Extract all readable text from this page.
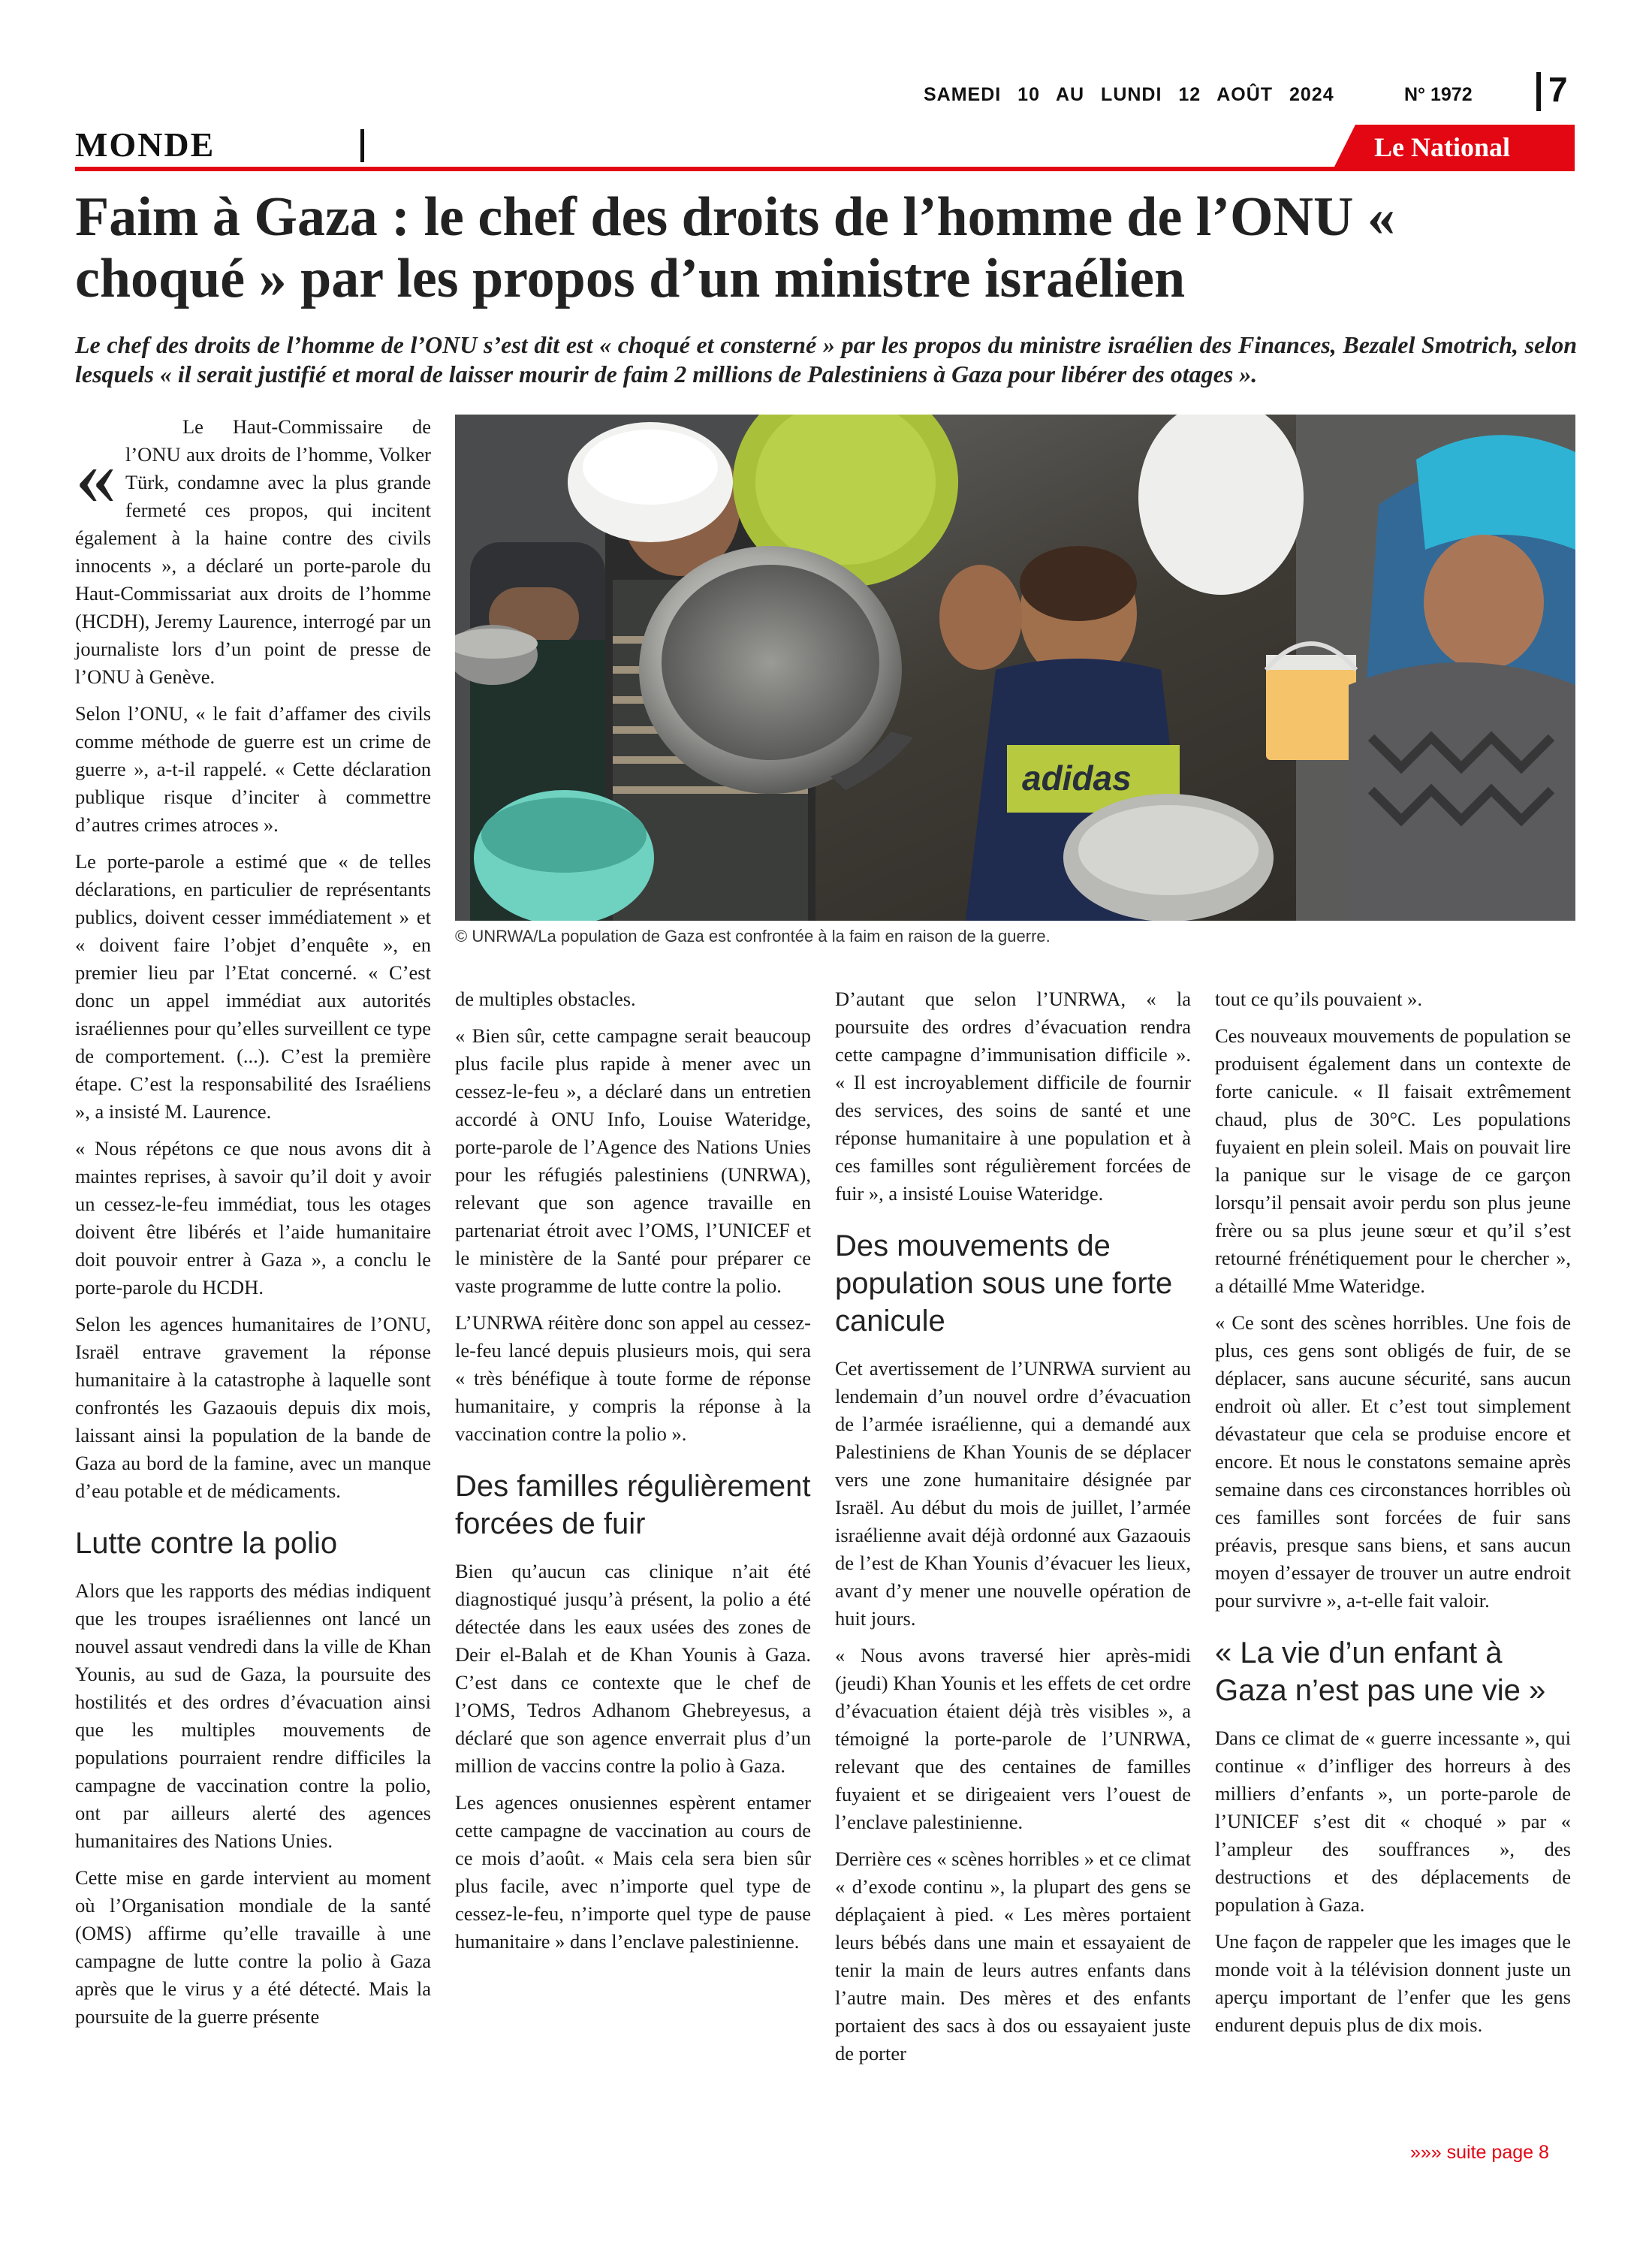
SAMEDI 10 AU LUNDI 12 AOÛT 2024	N° 1972 7
MONDE	Le National
Faim à Gaza : le chef des droits de l’homme de l’ONU « choqué » par les propos d’un ministre israélien

Le chef des droits de l’homme de l’ONU s’est dit est « choqué et consterné » par les propos du ministre israélien des Finances, Bezalel Smotrich, selon lesquels « il serait justifié et moral de laisser mourir de faim 2 millions de Palestiniens à Gaza pour libérer des otages ».

«
Le Haut-Commissaire de l’ONU aux droits de l’homme, Volker Türk, condamne avec la plus grande fermeté ces propos, qui incitent également à la haine contre des civils innocents », a déclaré un porte-parole du Haut-Commissariat aux droits de l’homme (HCDH), Jeremy Laurence, interrogé par un journaliste lors d’un point de presse de l’ONU à Genève.

Selon l’ONU, « le fait d’affamer des civils comme méthode de guerre est un crime de guerre », a-t-il rappelé. « Cette déclaration publique risque d’inciter à commettre d’autres crimes atroces ».

Le porte-parole a estimé que « de telles déclarations, en particulier de représentants publics, doivent cesser immédiatement » et « doivent faire l’objet d’enquête », en premier lieu par l’Etat concerné. « C’est donc un appel immédiat aux autorités israéliennes pour qu’elles surveillent ce type de comportement. (...). C’est la première étape. C’est la responsabilité des Israéliens », a insisté M. Laurence.

« Nous répétons ce que nous avons dit à maintes reprises, à savoir qu’il doit y avoir un cessez-le-feu immédiat, tous les otages doivent être libérés et l’aide humanitaire doit pouvoir entrer à Gaza », a conclu le porte-parole du HCDH.

Selon les agences humanitaires de l’ONU, Israël entrave gravement la réponse humanitaire à la catastrophe à laquelle sont confrontés les Gazaouis depuis dix mois, laissant ainsi la population de la bande de Gaza au bord de la famine, avec un manque d’eau potable et de médicaments.

Lutte contre la polio

Alors que les rapports des médias indiquent que les troupes israéliennes ont lancé un nouvel assaut vendredi dans la ville de Khan Younis, au sud de Gaza, la poursuite des hostilités et des ordres d’évacuation ainsi que les multiples mouvements de populations pourraient rendre difficiles la campagne de vaccination contre la polio, ont par ailleurs alerté des agences humanitaires des Nations Unies.

Cette mise en garde intervient au moment où l’Organisation mondiale de la santé (OMS) affirme qu’elle travaille à une campagne de lutte contre la polio à Gaza après que le virus y a été détecté. Mais la poursuite de la guerre présente

adidas
© UNRWA/La population de Gaza est confrontée à la faim en raison de la guerre.

de multiples obstacles.

« Bien sûr, cette campagne serait beaucoup plus facile plus rapide à mener avec un cessez-le-feu », a déclaré dans un entretien accordé à ONU Info, Louise Wateridge, porte-parole de l’Agence des Nations Unies pour les réfugiés palestiniens (UNRWA), relevant que son agence travaille en partenariat étroit avec l’OMS, l’UNICEF et le ministère de la Santé pour préparer ce vaste programme de lutte contre la polio.

L’UNRWA réitère donc son appel au cessez-le-feu lancé depuis plusieurs mois, qui sera « très bénéfique à toute forme de réponse humanitaire, y compris la réponse à la vaccination contre la polio ».

Des familles régulièrement forcées de fuir

Bien qu’aucun cas clinique n’ait été diagnostiqué jusqu’à présent, la polio a été détectée dans les eaux usées des zones de Deir el-Balah et de Khan Younis à Gaza. C’est dans ce contexte que le chef de l’OMS, Tedros Adhanom Ghebreyesus, a déclaré que son agence enverrait plus d’un million de vaccins contre la polio à Gaza.

Les agences onusiennes espèrent entamer cette campagne de vaccination au cours de ce mois d’août. « Mais cela sera bien sûr plus facile, avec n’importe quel type de cessez-le-feu, n’importe quel type de pause humanitaire » dans l’enclave palestinienne.

D’autant que selon l’UNRWA, « la poursuite des ordres d’évacuation rendra cette campagne d’immunisation difficile ». « Il est incroyablement difficile de fournir des services, des soins de santé et une réponse humanitaire à une population et à ces familles sont régulièrement forcées de fuir », a insisté Louise Wateridge.

Des mouvements de population sous une forte canicule

Cet avertissement de l’UNRWA survient au lendemain d’un nouvel ordre d’évacuation de l’armée israélienne, qui a demandé aux Palestiniens de Khan Younis de se déplacer vers une zone humanitaire désignée par Israël. Au début du mois de juillet, l’armée israélienne avait déjà ordonné aux Gazaouis de l’est de Khan Younis d’évacuer les lieux, avant d’y mener une nouvelle opération de huit jours.

« Nous avons traversé hier après-midi (jeudi) Khan Younis et les effets de cet ordre d’évacuation étaient déjà très visibles », a témoigné la porte-parole de l’UNRWA, relevant que des centaines de familles fuyaient et se dirigeaient vers l’ouest de l’enclave palestinienne.

Derrière ces « scènes horribles » et ce climat « d’exode continu », la plupart des gens se déplaçaient à pied. « Les mères portaient leurs bébés dans une main et essayaient de tenir la main de leurs autres enfants dans l’autre main. Des mères et des enfants portaient des sacs à dos ou essayaient juste de porter

tout ce qu’ils pouvaient ».

Ces nouveaux mouvements de population se produisent également dans un contexte de forte canicule. « Il faisait extrêmement chaud, plus de 30°C. Les populations fuyaient en plein soleil. Mais on pouvait lire la panique sur le visage de ce garçon lorsqu’il pensait avoir perdu son plus jeune frère ou sa plus jeune sœur et qu’il s’est retourné frénétiquement pour le chercher », a détaillé Mme Wateridge.

« Ce sont des scènes horribles. Une fois de plus, ces gens sont obligés de fuir, de se déplacer, sans aucune sécurité, sans aucun endroit où aller. Et c’est tout simplement dévastateur que cela se produise encore et encore. Et nous le constatons semaine après semaine dans ces circonstances horribles où ces familles sont forcées de fuir sans préavis, presque sans biens, et sans aucun moyen d’essayer de trouver un autre endroit pour survivre », a-t-elle fait valoir.

« La vie d’un enfant à Gaza n’est pas une vie »

Dans ce climat de « guerre incessante », qui continue « d’infliger des horreurs à des milliers d’enfants », un porte-parole de l’UNICEF s’est dit « choqué » par « l’ampleur des souffrances », des destructions et des déplacements de population à Gaza.

Une façon de rappeler que les images que le monde voit à la télévision donnent juste un aperçu important de l’enfer que les gens endurent depuis plus de dix mois.

»»» suite page 8
